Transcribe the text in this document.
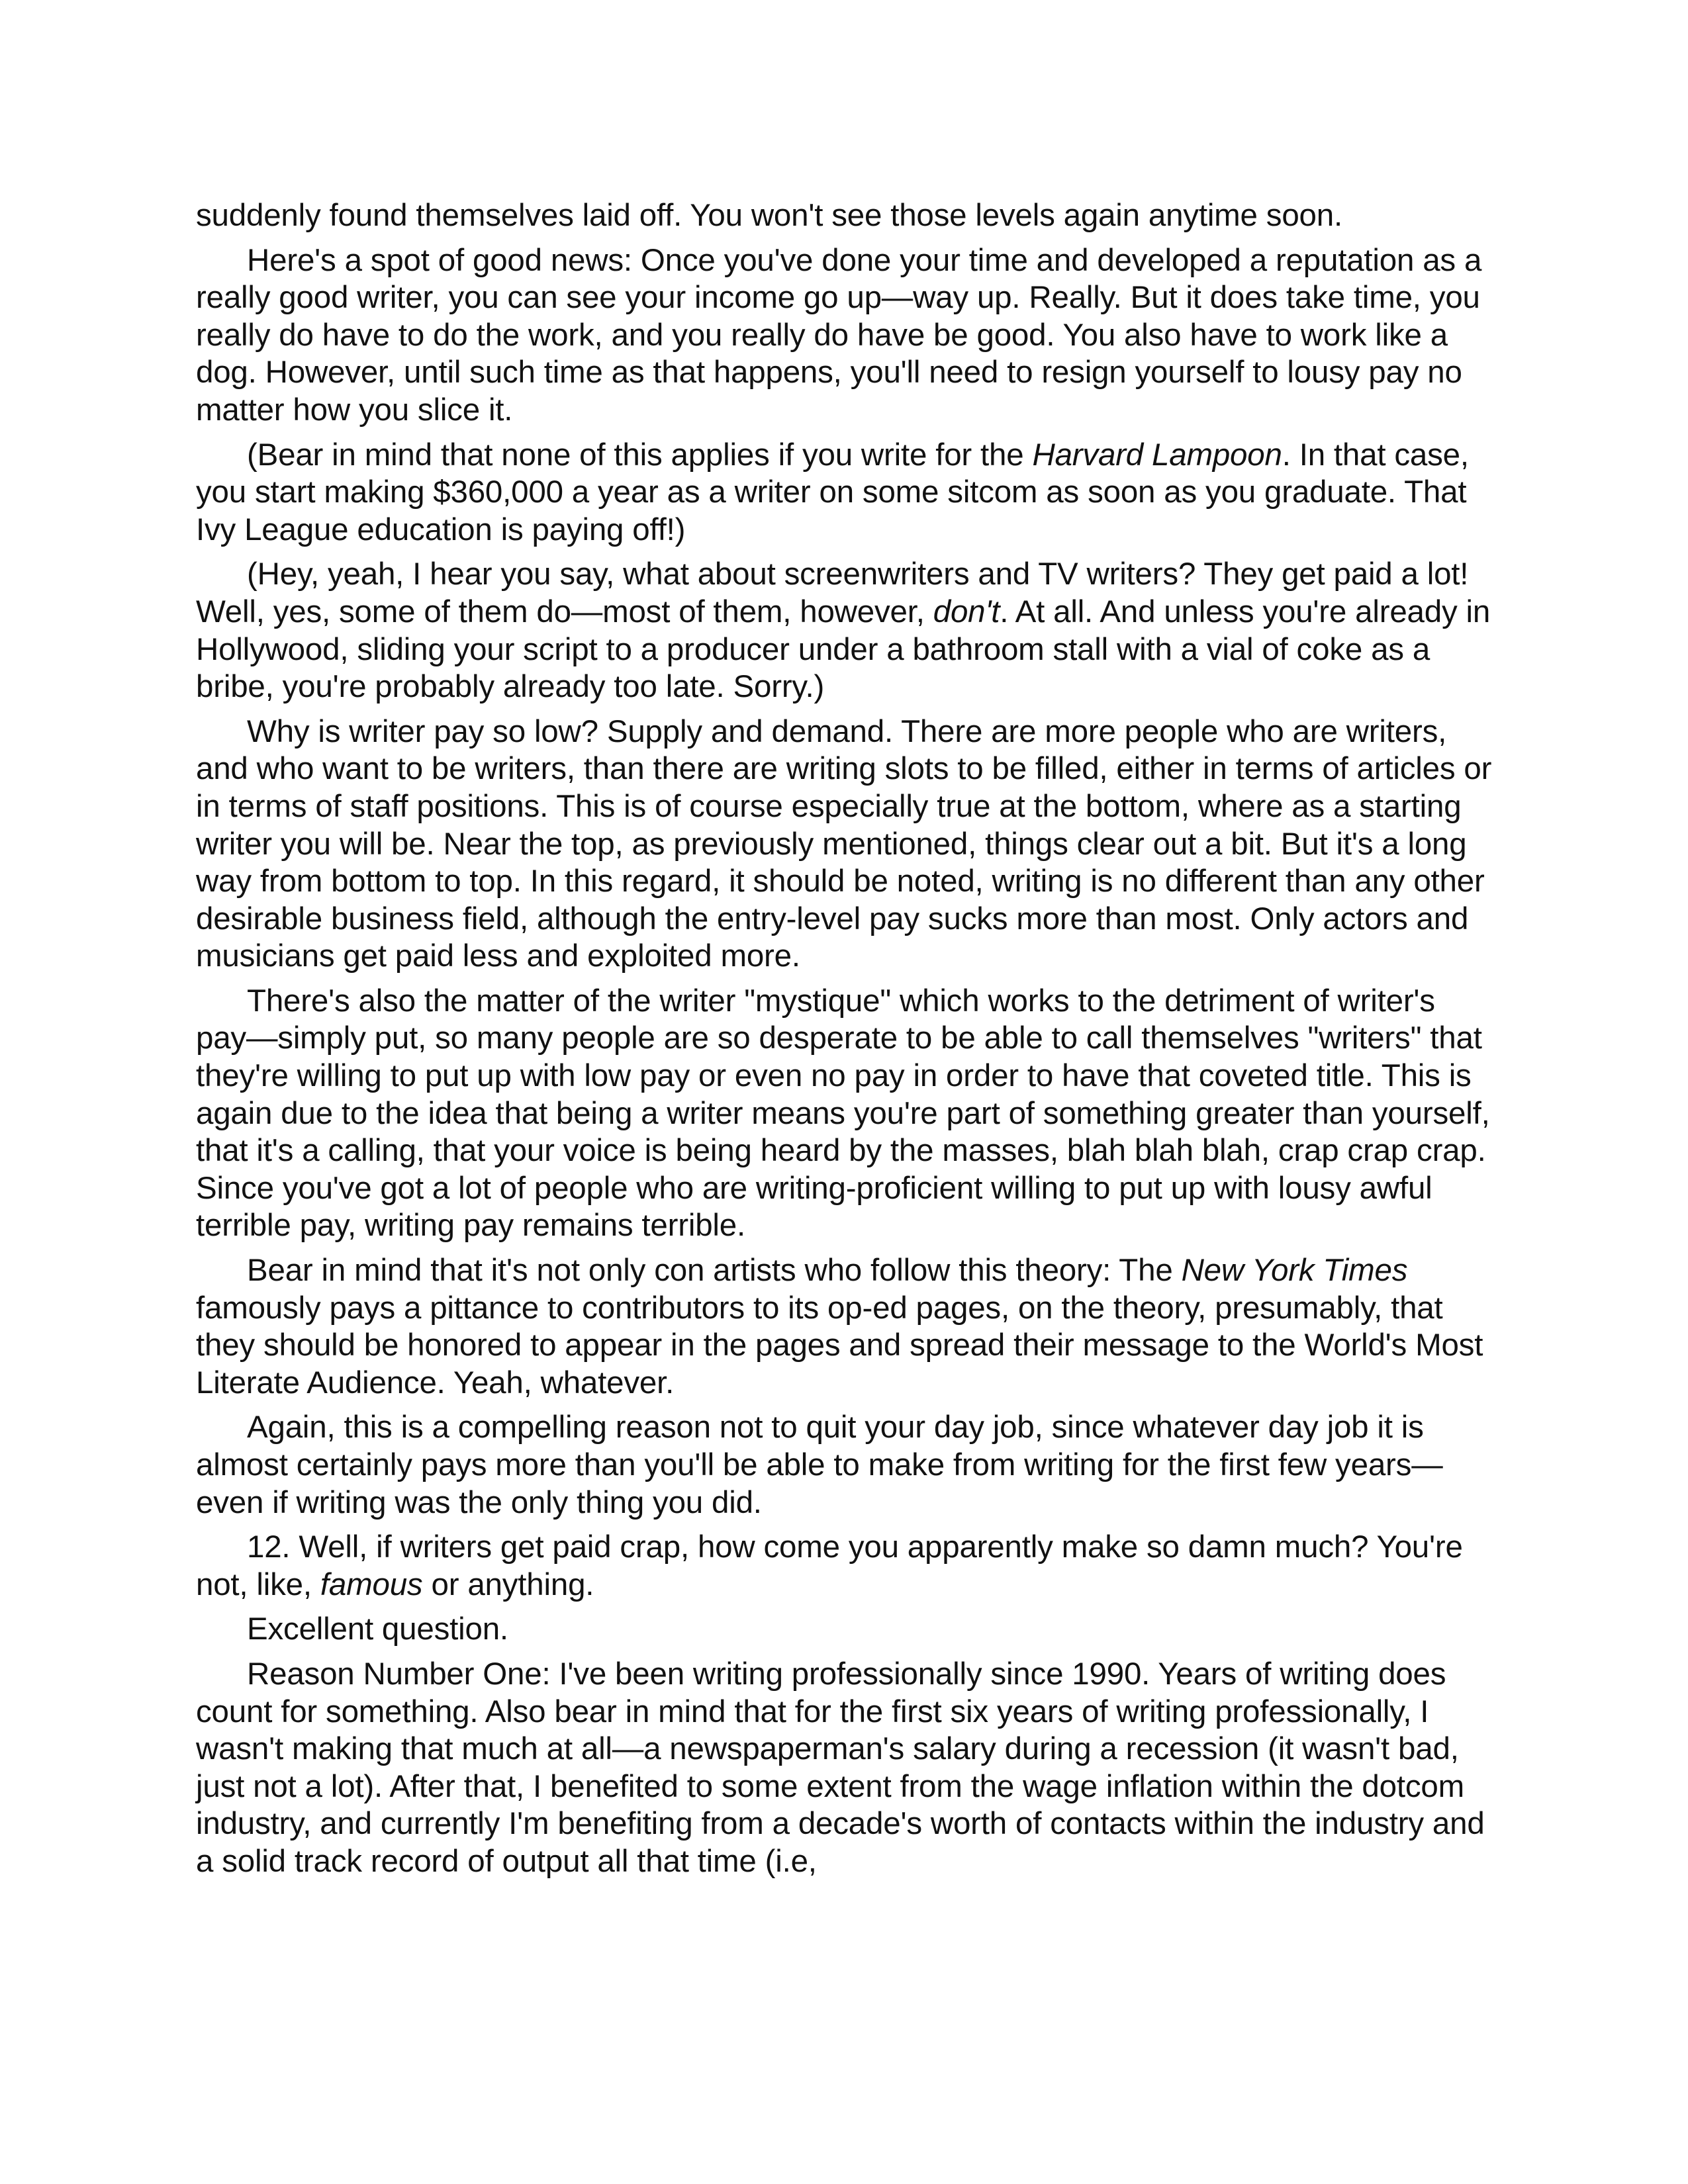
suddenly found themselves laid off. You won't see those levels again anytime soon.

Here's a spot of good news: Once you've done your time and developed a reputation as a really good writer, you can see your income go up—way up. Really. But it does take time, you really do have to do the work, and you really do have be good. You also have to work like a dog. However, until such time as that happens, you'll need to resign yourself to lousy pay no matter how you slice it.

(Bear in mind that none of this applies if you write for the Harvard Lampoon. In that case, you start making $360,000 a year as a writer on some sitcom as soon as you graduate. That Ivy League education is paying off!)

(Hey, yeah, I hear you say, what about screenwriters and TV writers? They get paid a lot! Well, yes, some of them do—most of them, however, don't. At all. And unless you're already in Hollywood, sliding your script to a producer under a bathroom stall with a vial of coke as a bribe, you're probably already too late. Sorry.)

Why is writer pay so low? Supply and demand. There are more people who are writers, and who want to be writers, than there are writing slots to be filled, either in terms of articles or in terms of staff positions. This is of course especially true at the bottom, where as a starting writer you will be. Near the top, as previously mentioned, things clear out a bit. But it's a long way from bottom to top. In this regard, it should be noted, writing is no different than any other desirable business field, although the entry-level pay sucks more than most. Only actors and musicians get paid less and exploited more.

There's also the matter of the writer "mystique" which works to the detriment of writer's pay—simply put, so many people are so desperate to be able to call themselves "writers" that they're willing to put up with low pay or even no pay in order to have that coveted title. This is again due to the idea that being a writer means you're part of something greater than yourself, that it's a calling, that your voice is being heard by the masses, blah blah blah, crap crap crap. Since you've got a lot of people who are writing-proficient willing to put up with lousy awful terrible pay, writing pay remains terrible.

Bear in mind that it's not only con artists who follow this theory: The New York Times famously pays a pittance to contributors to its op-ed pages, on the theory, presumably, that they should be honored to appear in the pages and spread their message to the World's Most Literate Audience. Yeah, whatever.

Again, this is a compelling reason not to quit your day job, since whatever day job it is almost certainly pays more than you'll be able to make from writing for the first few years—even if writing was the only thing you did.

12. Well, if writers get paid crap, how come you apparently make so damn much? You're not, like, famous or anything.

Excellent question.

Reason Number One: I've been writing professionally since 1990. Years of writing does count for something. Also bear in mind that for the first six years of writing professionally, I wasn't making that much at all—a newspaperman's salary during a recession (it wasn't bad, just not a lot). After that, I benefited to some extent from the wage inflation within the dotcom industry, and currently I'm benefiting from a decade's worth of contacts within the industry and a solid track record of output all that time (i.e,
